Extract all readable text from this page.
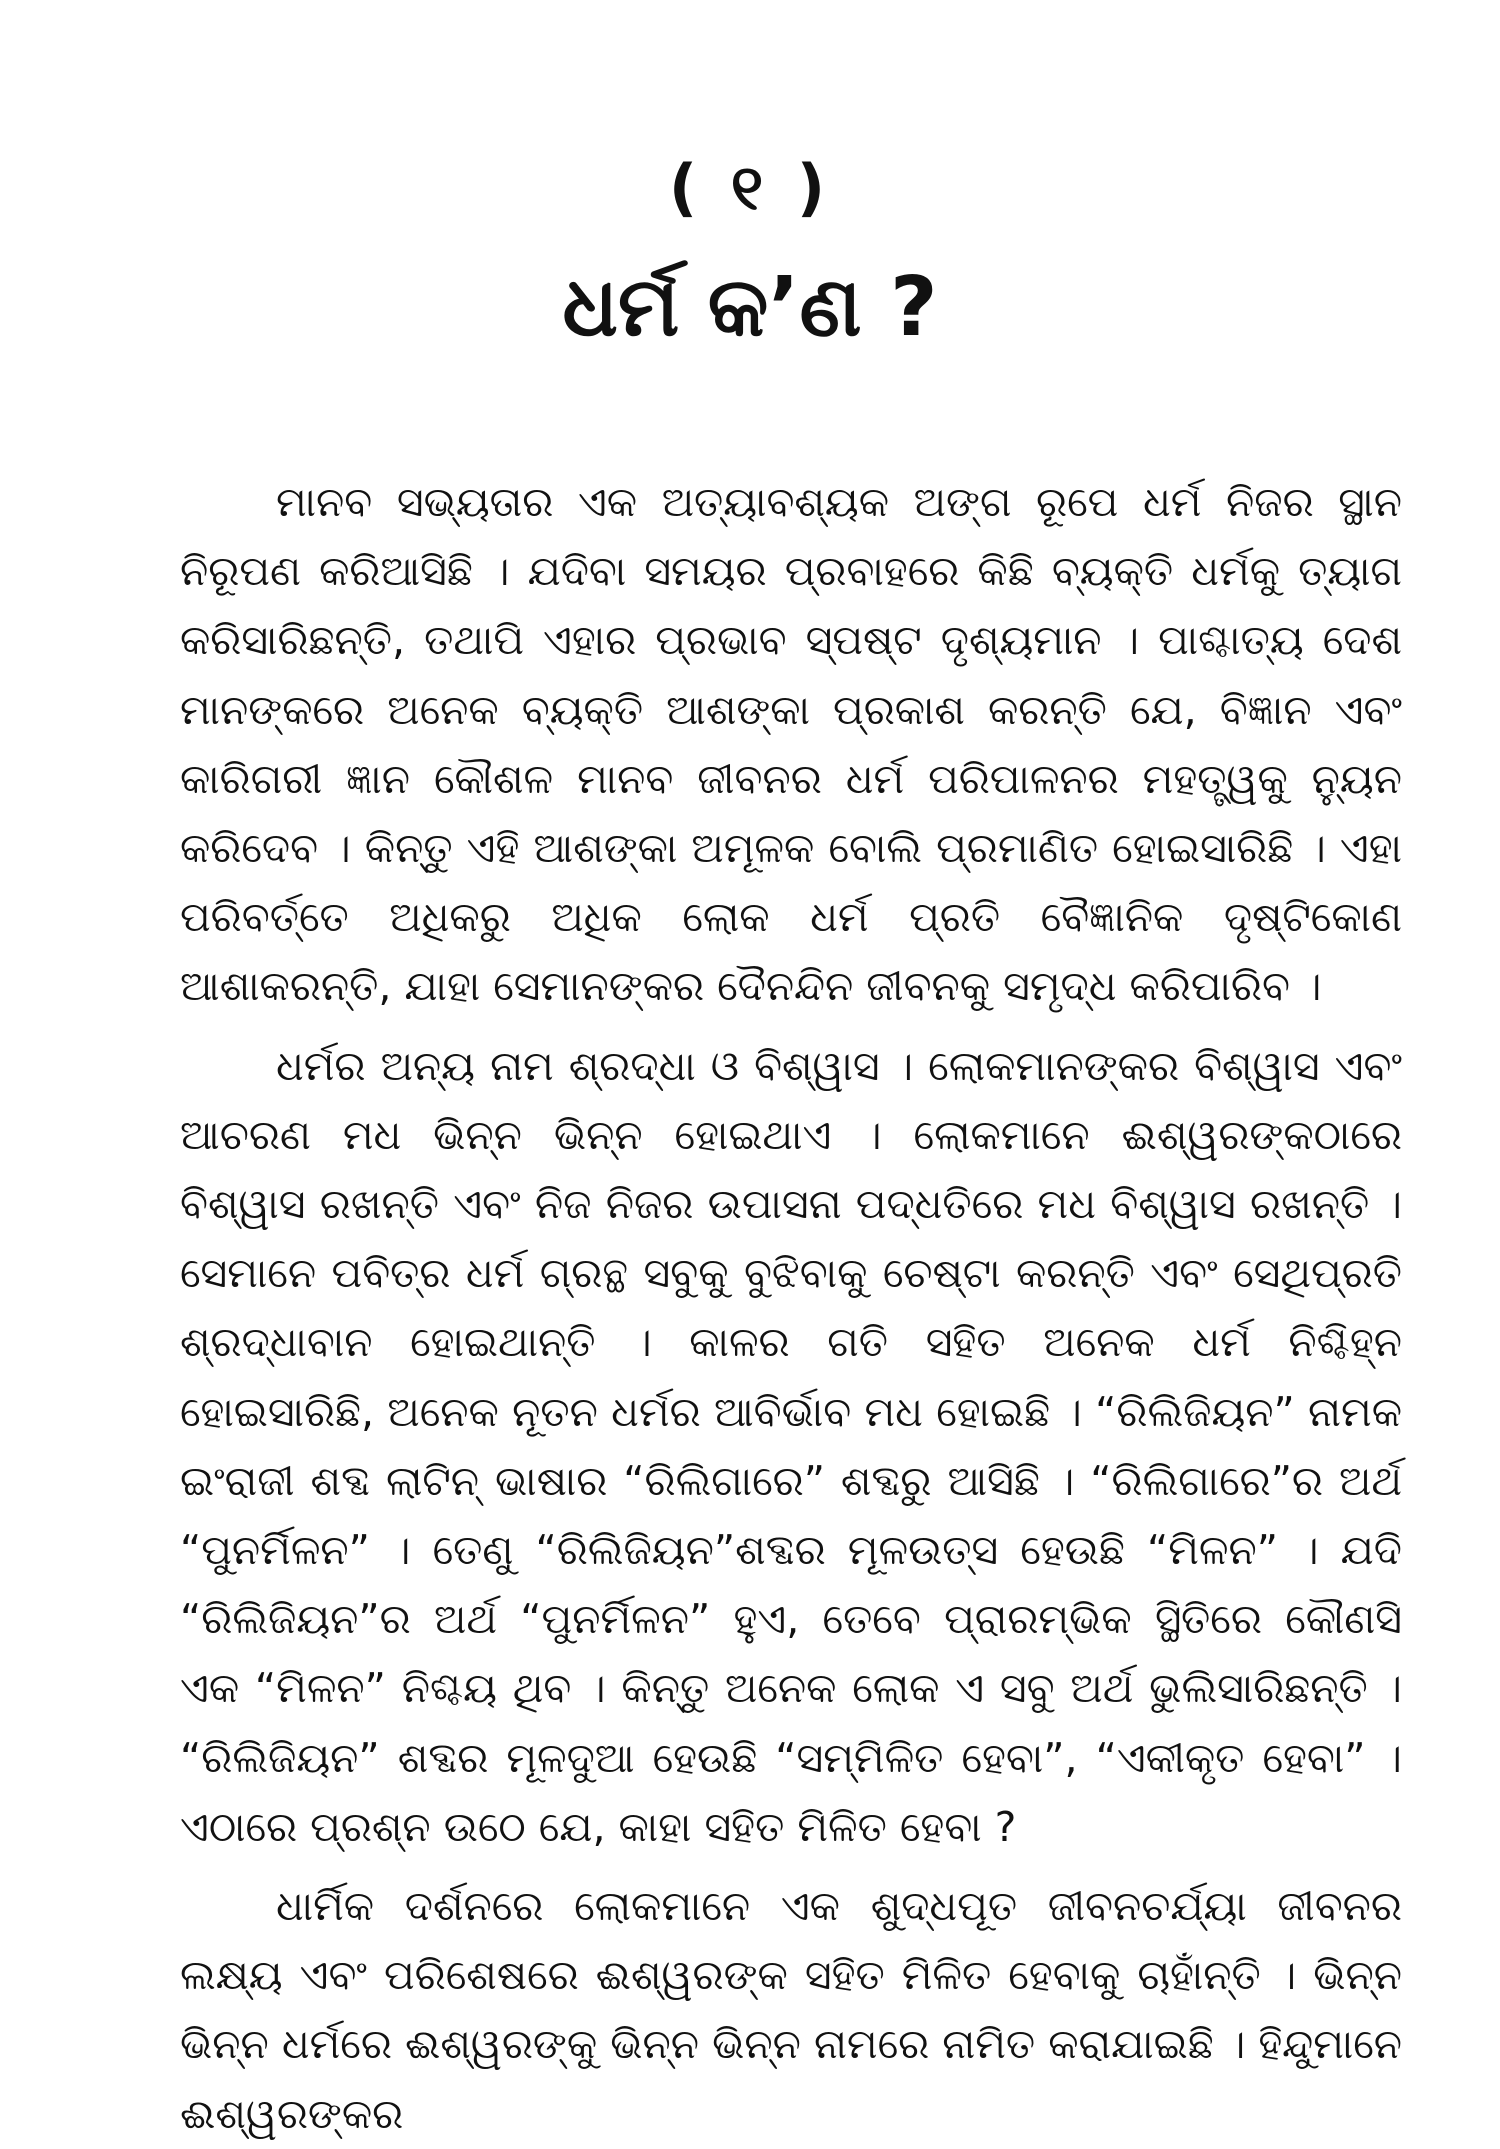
( ୧ )
ଧର୍ମ କ’ଣ ?

ମାନବ ସଭ୍ୟତାର ଏକ ଅତ୍ୟାବଶ୍ୟକ ଅଙ୍ଗ ରୂପେ ଧର୍ମ ନିଜର ସ୍ଥାନ ନିରୂପଣ କରିଆସିଛି । ଯଦିବା ସମୟର ପ୍ରବାହରେ କିଛି ବ୍ୟକ୍ତି ଧର୍ମକୁ ତ୍ୟାଗ କରିସାରିଛନ୍ତି, ତଥାପି ଏହାର ପ୍ରଭାବ ସ୍ପଷ୍ଟ ଦୃଶ୍ୟମାନ । ପାଶ୍ଚାତ୍ୟ ଦେଶ ମାନଙ୍କରେ ଅନେକ ବ୍ୟକ୍ତି ଆଶଙ୍କା ପ୍ରକାଶ କରନ୍ତି ଯେ, ବିଜ୍ଞାନ ଏବଂ କାରିଗରୀ ଜ୍ଞାନ କୌଶଳ ମାନବ ଜୀବନର ଧର୍ମ ପରିପାଳନର ମହତ୍ତ୍ୱକୁ ନ୍ୟୁନ କରିଦେବ । କିନ୍ତୁ ଏହି ଆଶଙ୍କା ଅମୂଳକ ବୋଲି ପ୍ରମାଣିତ ହୋଇସାରିଛି । ଏହା ପରିବର୍ତ୍ତେ ଅଧିକରୁ ଅଧିକ ଲୋକ ଧର୍ମ ପ୍ରତି ବୈଜ୍ଞାନିକ ଦୃଷ୍ଟିକୋଣ ଆଶାକରନ୍ତି, ଯାହା ସେମାନଙ୍କର ଦୈନନ୍ଦିନ ଜୀବନକୁ ସମୃଦ୍ଧ କରିପାରିବ ।

ଧର୍ମର ଅନ୍ୟ ନାମ ଶ୍ରଦ୍ଧା ଓ ବିଶ୍ୱାସ । ଲୋକମାନଙ୍କର ବିଶ୍ୱାସ ଏବଂ ଆଚରଣ ମଧ ଭିନ୍ନ ଭିନ୍ନ ହୋଇଥାଏ । ଲୋକମାନେ ଈଶ୍ୱରଙ୍କଠାରେ ବିଶ୍ୱାସ ରଖନ୍ତି ଏବଂ ନିଜ ନିଜର ଉପାସନା ପଦ୍ଧତିରେ ମଧ ବିଶ୍ୱାସ ରଖନ୍ତି । ସେମାନେ ପବିତ୍ର ଧର୍ମ ଗ୍ରନ୍ଥ ସବୁକୁ ବୁଝିବାକୁ ଚେଷ୍ଟା କରନ୍ତି ଏବଂ ସେଥିପ୍ରତି ଶ୍ରଦ୍ଧାବାନ ହୋଇଥାନ୍ତି । କାଳର ଗତି ସହିତ ଅନେକ ଧର୍ମ ନିଶ୍ଚିହ୍ନ ହୋଇସାରିଛି, ଅନେକ ନୂତନ ଧର୍ମର ଆବିର୍ଭାବ ମଧ ହୋଇଛି । “ରିଲିଜିୟନ” ନାମକ ଇଂରାଜୀ ଶବ୍ଦ ଲାଟିନ୍ ଭାଷାର “ରିଲିଗାରେ” ଶବ୍ଦରୁ ଆସିଛି । “ରିଲିଗାରେ”ର ଅର୍ଥ “ପୁନର୍ମିଳନ” । ତେଣୁ “ରିଲିଜିୟନ”ଶବ୍ଦର ମୂଳଉତ୍ସ ହେଉଛି “ମିଳନ” । ଯଦି “ରିଲିଜିୟନ”ର ଅର୍ଥ “ପୁନର୍ମିଳନ” ହୁଏ, ତେବେ ପ୍ରାରମ୍ଭିକ ସ୍ଥିତିରେ କୌଣସି ଏକ “ମିଳନ” ନିଶ୍ଚୟ ଥିବ । କିନ୍ତୁ ଅନେକ ଲୋକ ଏ ସବୁ ଅର୍ଥ ଭୁଲିସାରିଛନ୍ତି । “ରିଲିଜିୟନ” ଶବ୍ଦର ମୂଳଦୁଆ ହେଉଛି “ସମ୍ମିଳିତ ହେବା”, “ଏକୀକୃତ ହେବା” । ଏଠାରେ ପ୍ରଶ୍ନ ଉଠେ ଯେ, କାହା ସହିତ ମିଳିତ ହେବା ?

ଧାର୍ମିକ ଦର୍ଶନରେ ଲୋକମାନେ ଏକ ଶୁଦ୍ଧପୂତ ଜୀବନଚର୍ଯ୍ୟା ଜୀବନର ଲକ୍ଷ୍ୟ ଏବଂ ପରିଶେଷରେ ଈଶ୍ୱରଙ୍କ ସହିତ ମିଳିତ ହେବାକୁ ଚାହାଁନ୍ତି । ଭିନ୍ନ ଭିନ୍ନ ଧର୍ମରେ ଈଶ୍ୱରଙ୍କୁ ଭିନ୍ନ ଭିନ୍ନ ନାମରେ ନାମିତ କରାଯାଇଛି । ହିନ୍ଦୁମାନେ ଈଶ୍ୱରଙ୍କର
